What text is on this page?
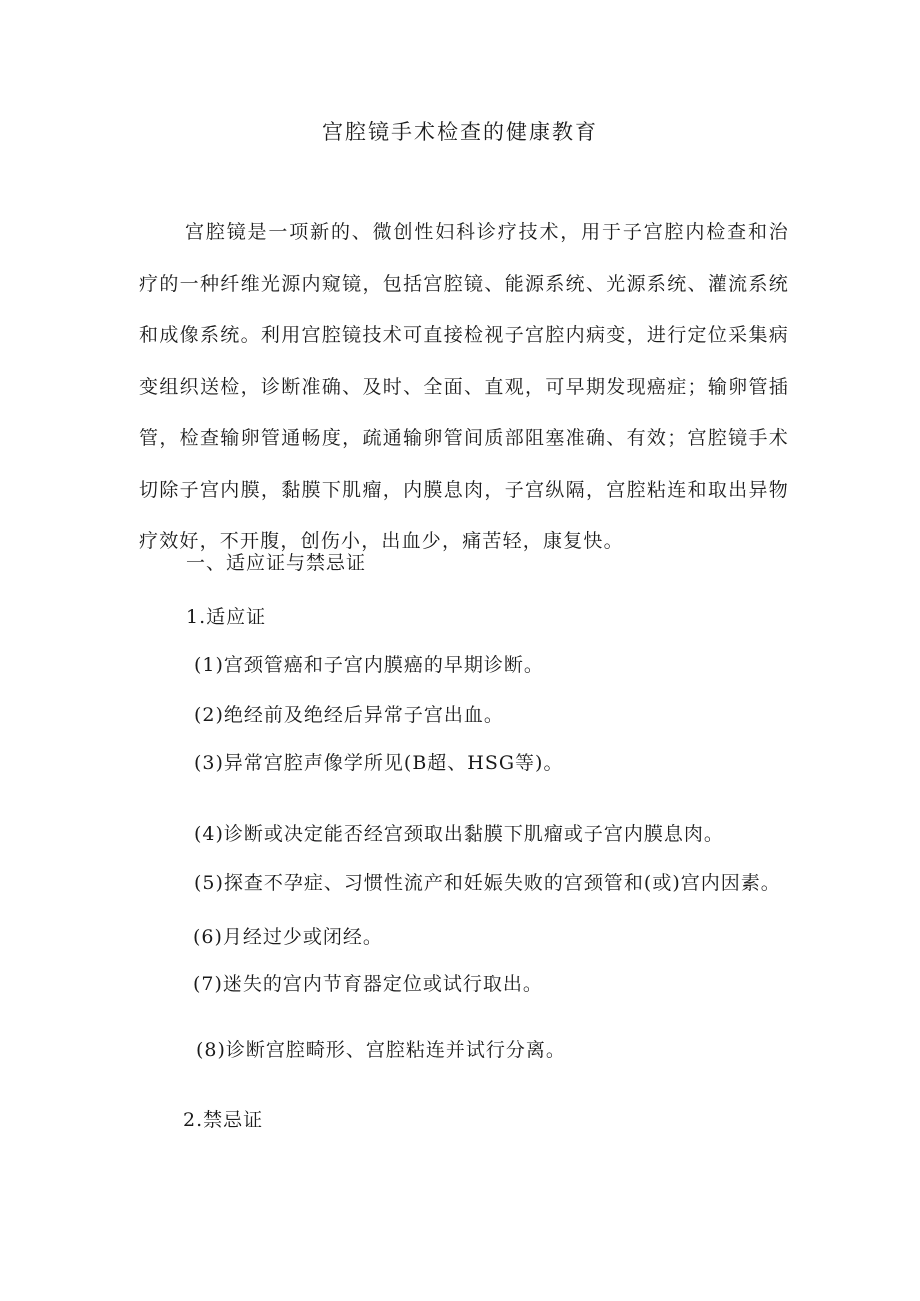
宫腔镜手术检查的健康教育

宫腔镜是一项新的、微创性妇科诊疗技术，用于子宫腔内检查和治疗的一种纤维光源内窥镜，包括宫腔镜、能源系统、光源系统、灌流系统和成像系统。利用宫腔镜技术可直接检视子宫腔内病变，进行定位采集病变组织送检，诊断准确、及时、全面、直观，可早期发现癌症；输卵管插管，检查输卵管通畅度，疏通输卵管间质部阻塞准确、有效；宫腔镜手术切除子宫内膜，黏膜下肌瘤，内膜息肉，子宫纵隔，宫腔粘连和取出异物疗效好，不开腹，创伤小，出血少，痛苦轻，康复快。

一、适应证与禁忌证

1.适应证

(1)宫颈管癌和子宫内膜癌的早期诊断。

(2)绝经前及绝经后异常子宫出血。

(3)异常宫腔声像学所见(B超、HSG等)。

(4)诊断或决定能否经宫颈取出黏膜下肌瘤或子宫内膜息肉。

(5)探查不孕症、习惯性流产和妊娠失败的宫颈管和(或)宫内因素。

(6)月经过少或闭经。

(7)迷失的宫内节育器定位或试行取出。

(8)诊断宫腔畸形、宫腔粘连并试行分离。

2.禁忌证
